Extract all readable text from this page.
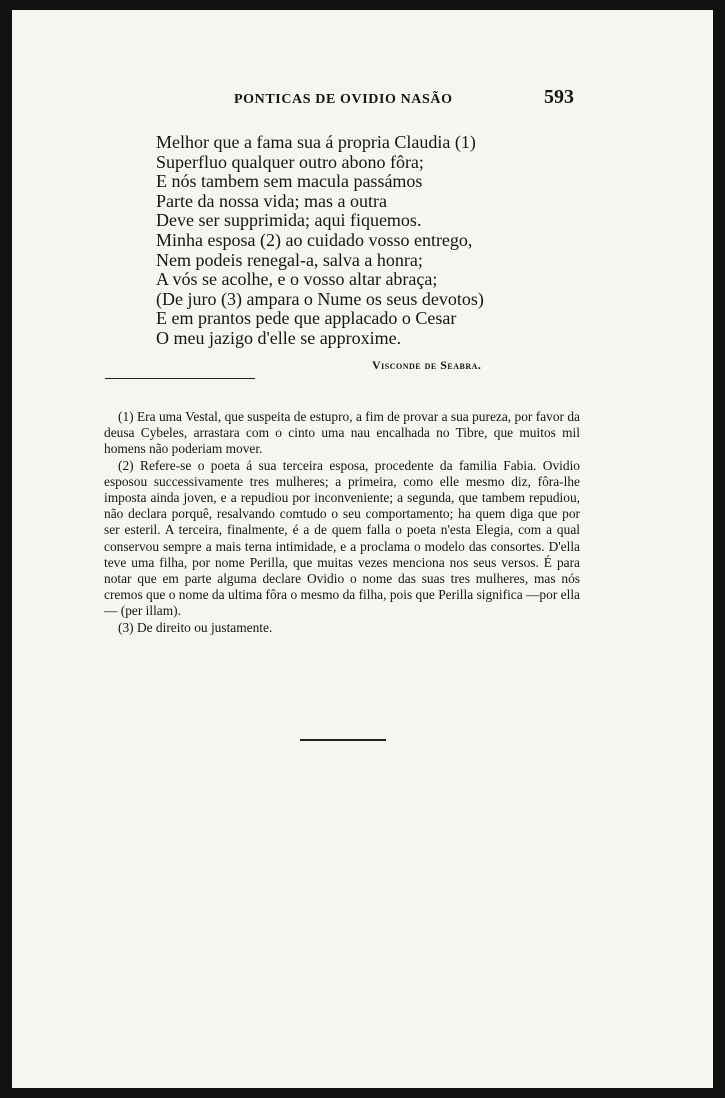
PONTICAS DE OVIDIO NASÃO	593
Melhor que a fama sua á propria Claudia (1)
Superfluo qualquer outro abono fôra;
E nós tambem sem macula passámos
Parte da nossa vida; mas a outra
Deve ser supprimida; aqui fiquemos.
Minha esposa (2) ao cuidado vosso entrego,
Nem podeis renegal-a, salva a honra;
A vós se acolhe, e o vosso altar abraça;
(De juro (3) ampara o Nume os seus devotos)
E em prantos pede que applacado o Cesar
O meu jazigo d'elle se approxime.
Visconde de Seabra.

(1) Era uma Vestal, que suspeita de estupro, a fim de provar a sua pureza, por favor da deusa Cybeles, arrastara com o cinto uma nau encalhada no Tibre, que muitos mil homens não poderiam mover.

(2) Refere-se o poeta á sua terceira esposa, procedente da familia Fabia. Ovidio esposou successivamente tres mulheres; a primeira, como elle mesmo diz, fôra-lhe imposta ainda joven, e a repudiou por inconveniente; a segunda, que tambem repudiou, não declara porquê, resalvando comtudo o seu comportamento; ha quem diga que por ser esteril. A terceira, finalmente, é a de quem falla o poeta n'esta Elegia, com a qual conservou sempre a mais terna intimidade, e a proclama o modelo das consortes. D'ella teve uma filha, por nome Perilla, que muitas vezes menciona nos seus versos. É para notar que em parte alguma declare Ovidio o nome das suas tres mulheres, mas nós cremos que o nome da ultima fôra o mesmo da filha, pois que Perilla significa —por ella— (per illam).

(3) De direito ou justamente.
